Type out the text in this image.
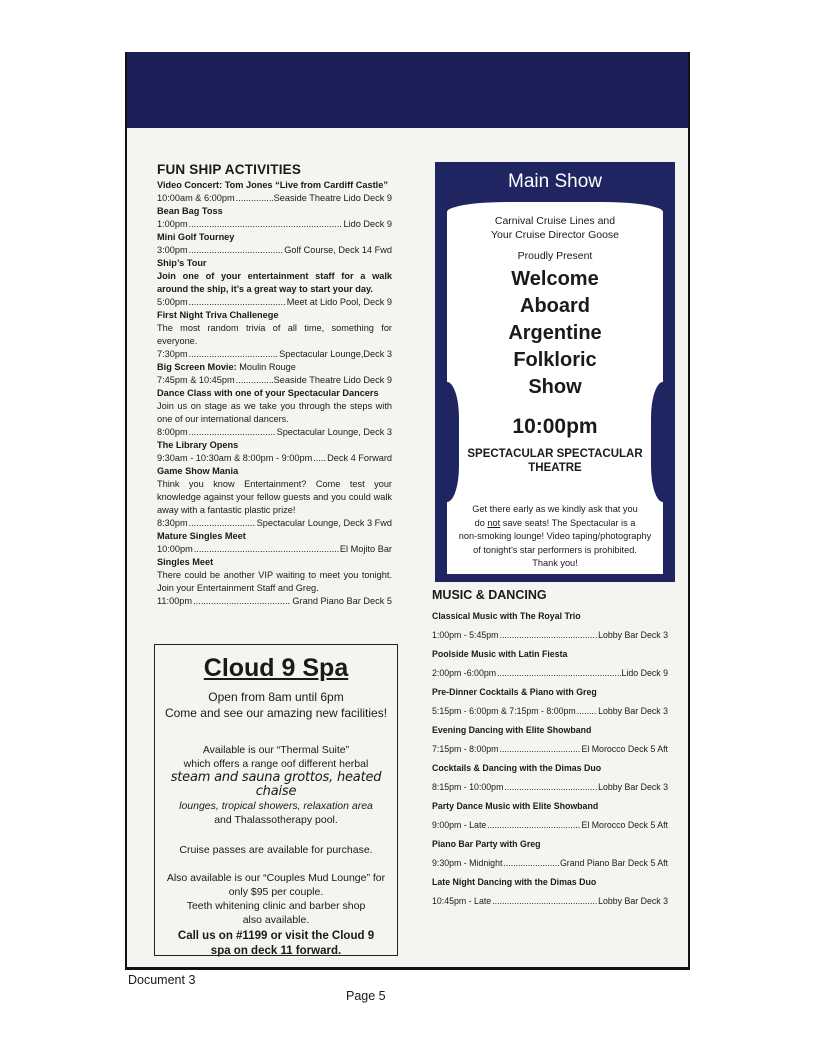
FUN SHIP ACTIVITIES
Video Concert: Tom Jones “Live from Cardiff Castle”
10:00am & 6:00pm .....	Seaside Theatre Lido Deck 9
Bean Bag Toss
1:00pm .....	Lido Deck 9
Mini Golf Tourney
3:00pm .....	Golf Course, Deck 14 Fwd
Ship’s Tour
Join one of your entertainment staff for a walk around the ship, it’s a great way to start your day.
5:00pm .....	Meet at Lido Pool, Deck 9
First Night Triva Challenege
The most random trivia of all time, something for everyone.
7:30pm .....	Spectacular Lounge,Deck 3
Big Screen Movie: Moulin Rouge
7:45pm & 10:45pm .....	Seaside Theatre Lido Deck 9
Dance Class with one of your Spectacular Dancers
Join us on stage as we take you through the steps with one of our international dancers.
8:00pm .....	Spectacular Lounge, Deck 3
The Library Opens
9:30am - 10:30am & 8:00pm - 9:00pm ..... Deck 4 Forward
Game Show Mania
Think you know Entertainment? Come test your knowledge against your fellow guests and you could walk away with a fantastic plastic prize!
8:30pm .....	Spectacular Lounge, Deck 3 Fwd
Mature Singles Meet
10:00pm .....	El Mojito Bar
Singles Meet
There could be another VIP waiting to meet you tonight. Join your Entertainment Staff and Greg.
11:00pm .....	Grand Piano Bar Deck 5
Cloud 9 Spa
Open from 8am until 6pm
Come and see our amazing new facilities!
Available is our “Thermal Suite”
which offers a range oof different herbal
steam and sauna grottos, heated chaise
lounges, tropical showers, relaxation area
and Thalassotherapy pool.
Cruise passes are available for purchase.
Also available is our “Couples Mud Lounge” for
only $95 per couple.
Teeth whitening clinic and barber shop
also available.
Call us on #1199 or visit the Cloud 9
spa on deck 11 forward.
Main Show
Carnival Cruise Lines and
Your Cruise Director Goose
Proudly Present
Welcome
Aboard
Argentine
Folkloric
Show
10:00pm
SPECTACULAR SPECTACULAR
THEATRE
Get there early as we kindly ask that you
do not save seats! The Spectacular is a
non-smoking lounge! Video taping/photography
of tonight’s star performers is prohibited.
Thank you!
MUSIC & DANCING
Classical Music with The Royal Trio
1:00pm - 5:45pm .....	Lobby Bar Deck 3
Poolside Music with Latin Fiesta
2:00pm -6:00pm .....	Lido Deck 9
Pre-Dinner Cocktails & Piano with Greg
5:15pm - 6:00pm & 7:15pm - 8:00pm .....	Lobby Bar Deck 3
Evening Dancing with Elite Showband
7:15pm - 8:00pm .....	El Morocco Deck 5 Aft
Cocktails & Dancing with the Dimas Duo
8:15pm - 10:00pm .....	Lobby Bar Deck 3
Party Dance Music with Elite Showband
9:00pm - Late .....	El Morocco Deck 5 Aft
Piano Bar Party with Greg
9:30pm - Midnight .....	Grand Piano Bar Deck 5 Aft
Late Night Dancing with the Dimas Duo
10:45pm - Late .....	Lobby Bar Deck 3
Document 3
Page 5
